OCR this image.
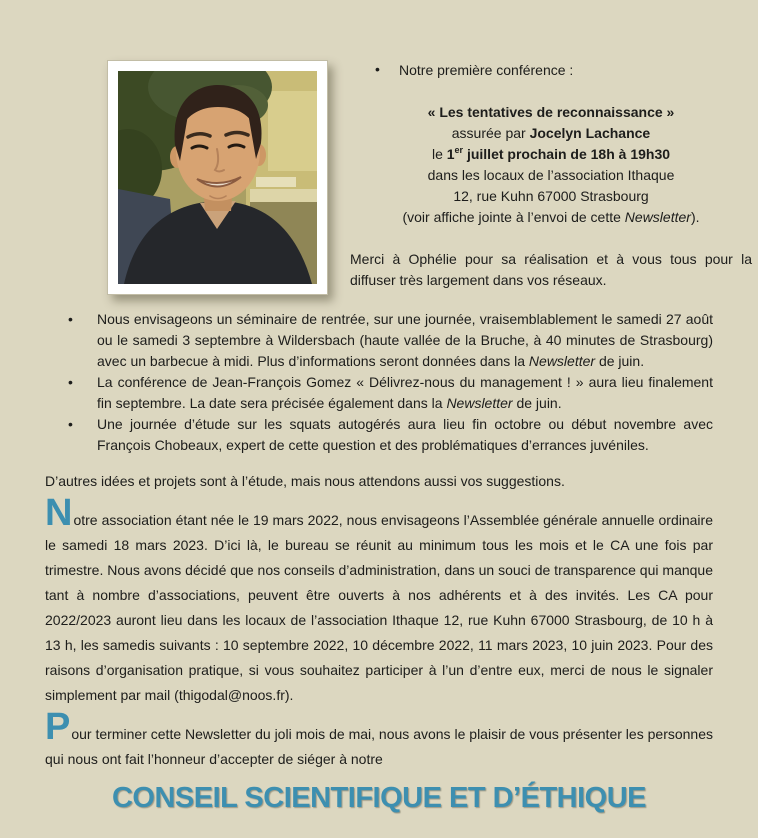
• Notre première conférence :
« Les tentatives de reconnaissance »
assurée par Jocelyn Lachance
le 1er juillet prochain de 18h à 19h30
dans les locaux de l’association Ithaque
12, rue Kuhn 67000 Strasbourg
(voir affiche jointe à l’envoi de cette Newsletter).
Merci à Ophélie pour sa réalisation et à vous tous pour la diffuser très largement dans vos réseaux.
• Nous envisageons un séminaire de rentrée, sur une journée, vraisemblablement le samedi 27 août ou le samedi 3 septembre à Wildersbach (haute vallée de la Bruche, à 40 minutes de Strasbourg) avec un barbecue à midi. Plus d’informations seront données dans la Newsletter de juin.
• La conférence de Jean-François Gomez « Délivrez-nous du management ! » aura lieu finalement fin septembre. La date sera précisée également dans la Newsletter de juin.
• Une journée d’étude sur les squats autogérés aura lieu fin octobre ou début novembre avec François Chobeaux, expert de cette question et des problématiques d’errances juvéniles.
D’autres idées et projets sont à l’étude, mais nous attendons aussi vos suggestions.
Notre association étant née le 19 mars 2022, nous envisageons l’Assemblée générale annuelle ordinaire le samedi 18 mars 2023. D’ici là, le bureau se réunit au minimum tous les mois et le CA une fois par trimestre. Nous avons décidé que nos conseils d’administration, dans un souci de transparence qui manque tant à nombre d’associations, peuvent être ouverts à nos adhérents et à des invités. Les CA pour 2022/2023 auront lieu dans les locaux de l’association Ithaque 12, rue Kuhn 67000 Strasbourg, de 10 h à 13 h, les samedis suivants : 10 septembre 2022, 10 décembre 2022, 11 mars 2023, 10 juin 2023. Pour des raisons d’organisation pratique, si vous souhaitez participer à l’un d’entre eux, merci de nous le signaler simplement par mail (thigodal@noos.fr).
Pour terminer cette Newsletter du joli mois de mai, nous avons le plaisir de vous présenter les personnes qui nous ont fait l’honneur d’accepter de siéger à notre
CONSEIL SCIENTIFIQUE ET D’ÉTHIQUE
